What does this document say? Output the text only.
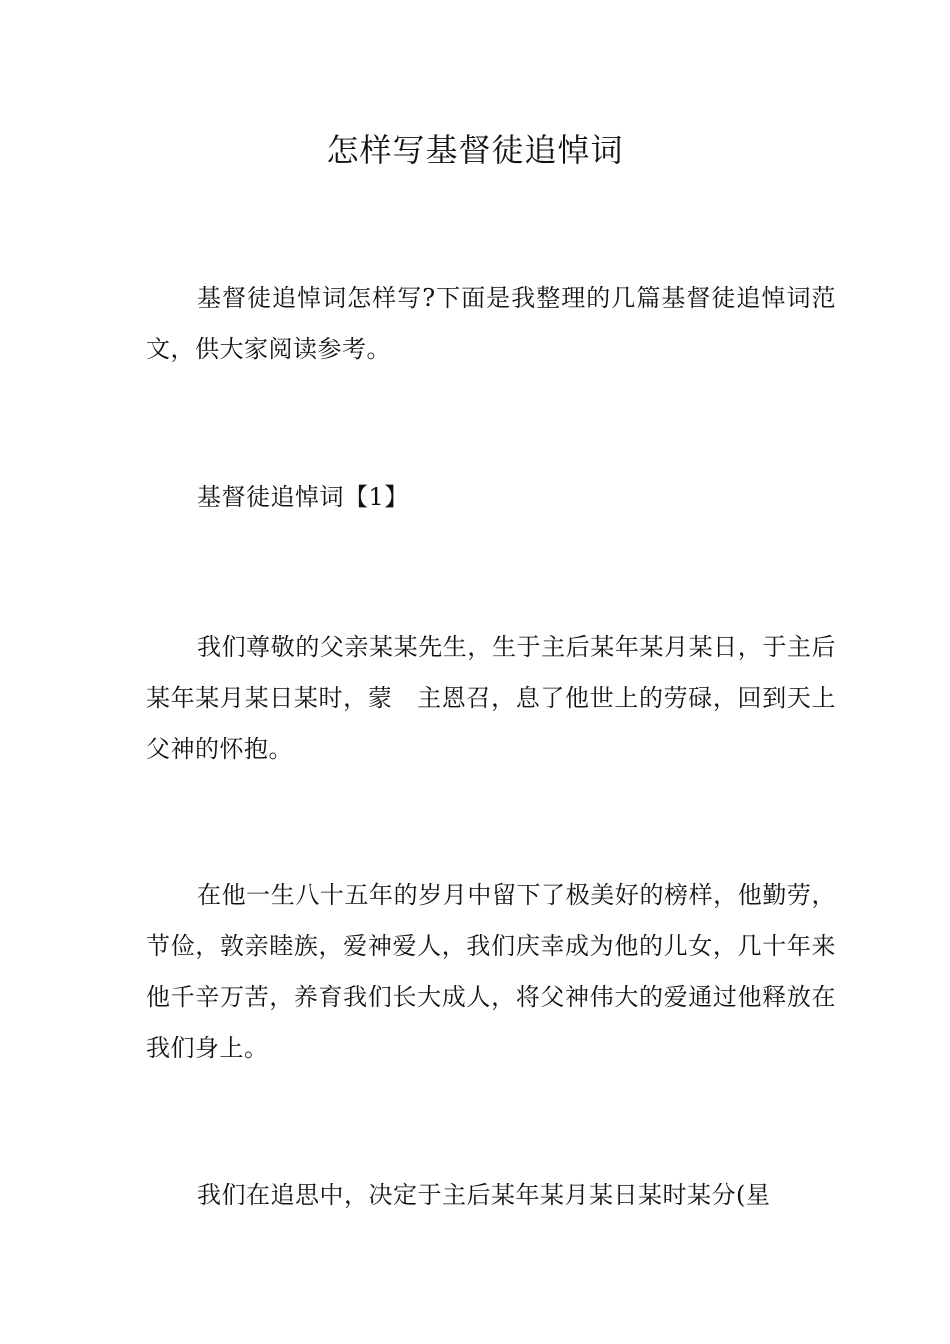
怎样写基督徒追悼词

基督徒追悼词怎样写?下面是我整理的几篇基督徒追悼词范文，供大家阅读参考。

基督徒追悼词【1】

我们尊敬的父亲某某先生，生于主后某年某月某日，于主后某年某月某日某时，蒙　主恩召，息了他世上的劳碌，回到天上父神的怀抱。

在他一生八十五年的岁月中留下了极美好的榜样，他勤劳，节俭，敦亲睦族，爱神爱人，我们庆幸成为他的儿女，几十年来他千辛万苦，养育我们长大成人，将父神伟大的爱通过他释放在我们身上。

我们在追思中，决定于主后某年某月某日某时某分(星
